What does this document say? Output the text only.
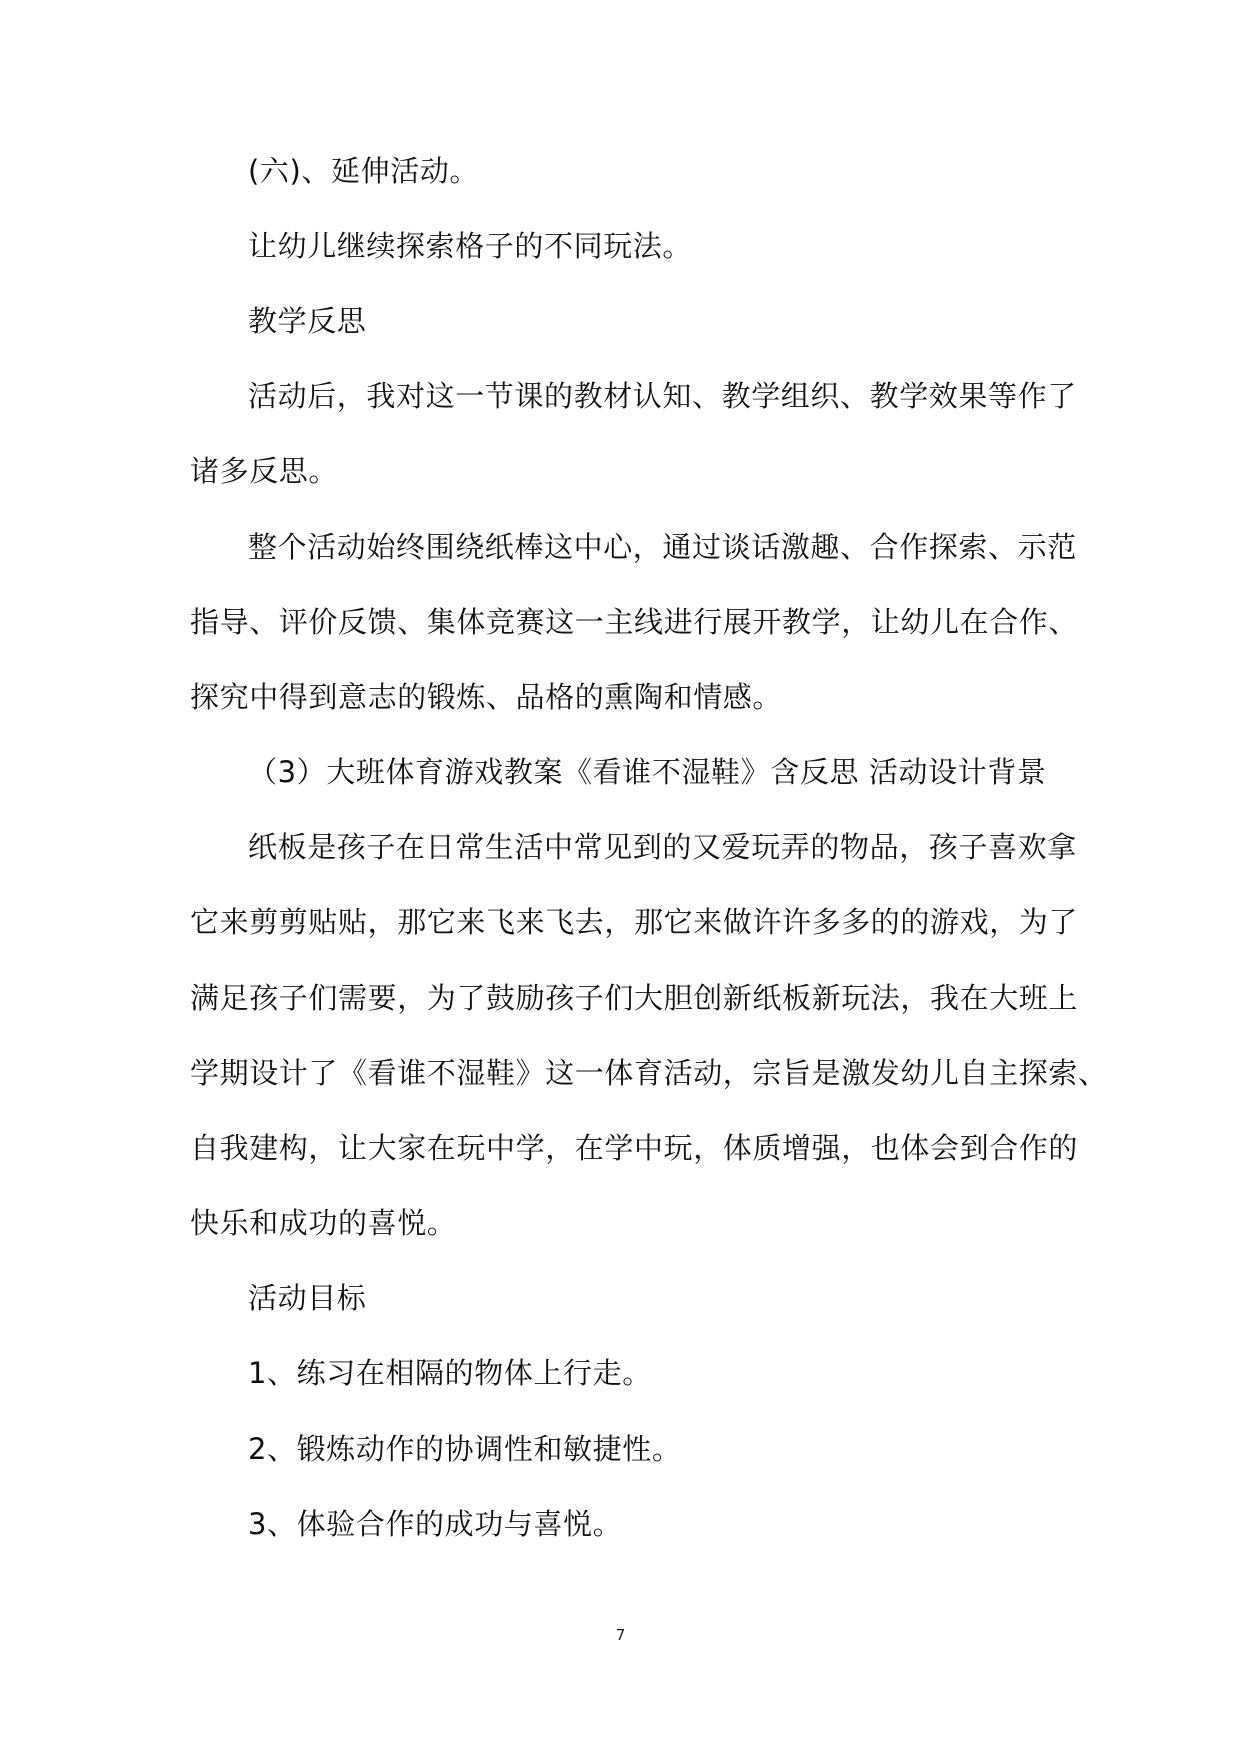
(六)、延伸活动。
让幼儿继续探索格子的不同玩法。
教学反思
活动后，我对这一节课的教材认知、教学组织、教学效果等作了
诸多反思。
整个活动始终围绕纸棒这中心，通过谈话激趣、合作探索、示范
指导、评价反馈、集体竞赛这一主线进行展开教学，让幼儿在合作、
探究中得到意志的锻炼、品格的熏陶和情感。
（3）大班体育游戏教案《看谁不湿鞋》含反思 活动设计背景
纸板是孩子在日常生活中常见到的又爱玩弄的物品，孩子喜欢拿
它来剪剪贴贴，那它来飞来飞去，那它来做许许多多的的游戏，为了
满足孩子们需要，为了鼓励孩子们大胆创新纸板新玩法，我在大班上
学期设计了《看谁不湿鞋》这一体育活动，宗旨是激发幼儿自主探索、
自我建构，让大家在玩中学，在学中玩，体质增强，也体会到合作的
快乐和成功的喜悦。
活动目标
1、练习在相隔的物体上行走。
2、锻炼动作的协调性和敏捷性。
3、体验合作的成功与喜悦。
7
